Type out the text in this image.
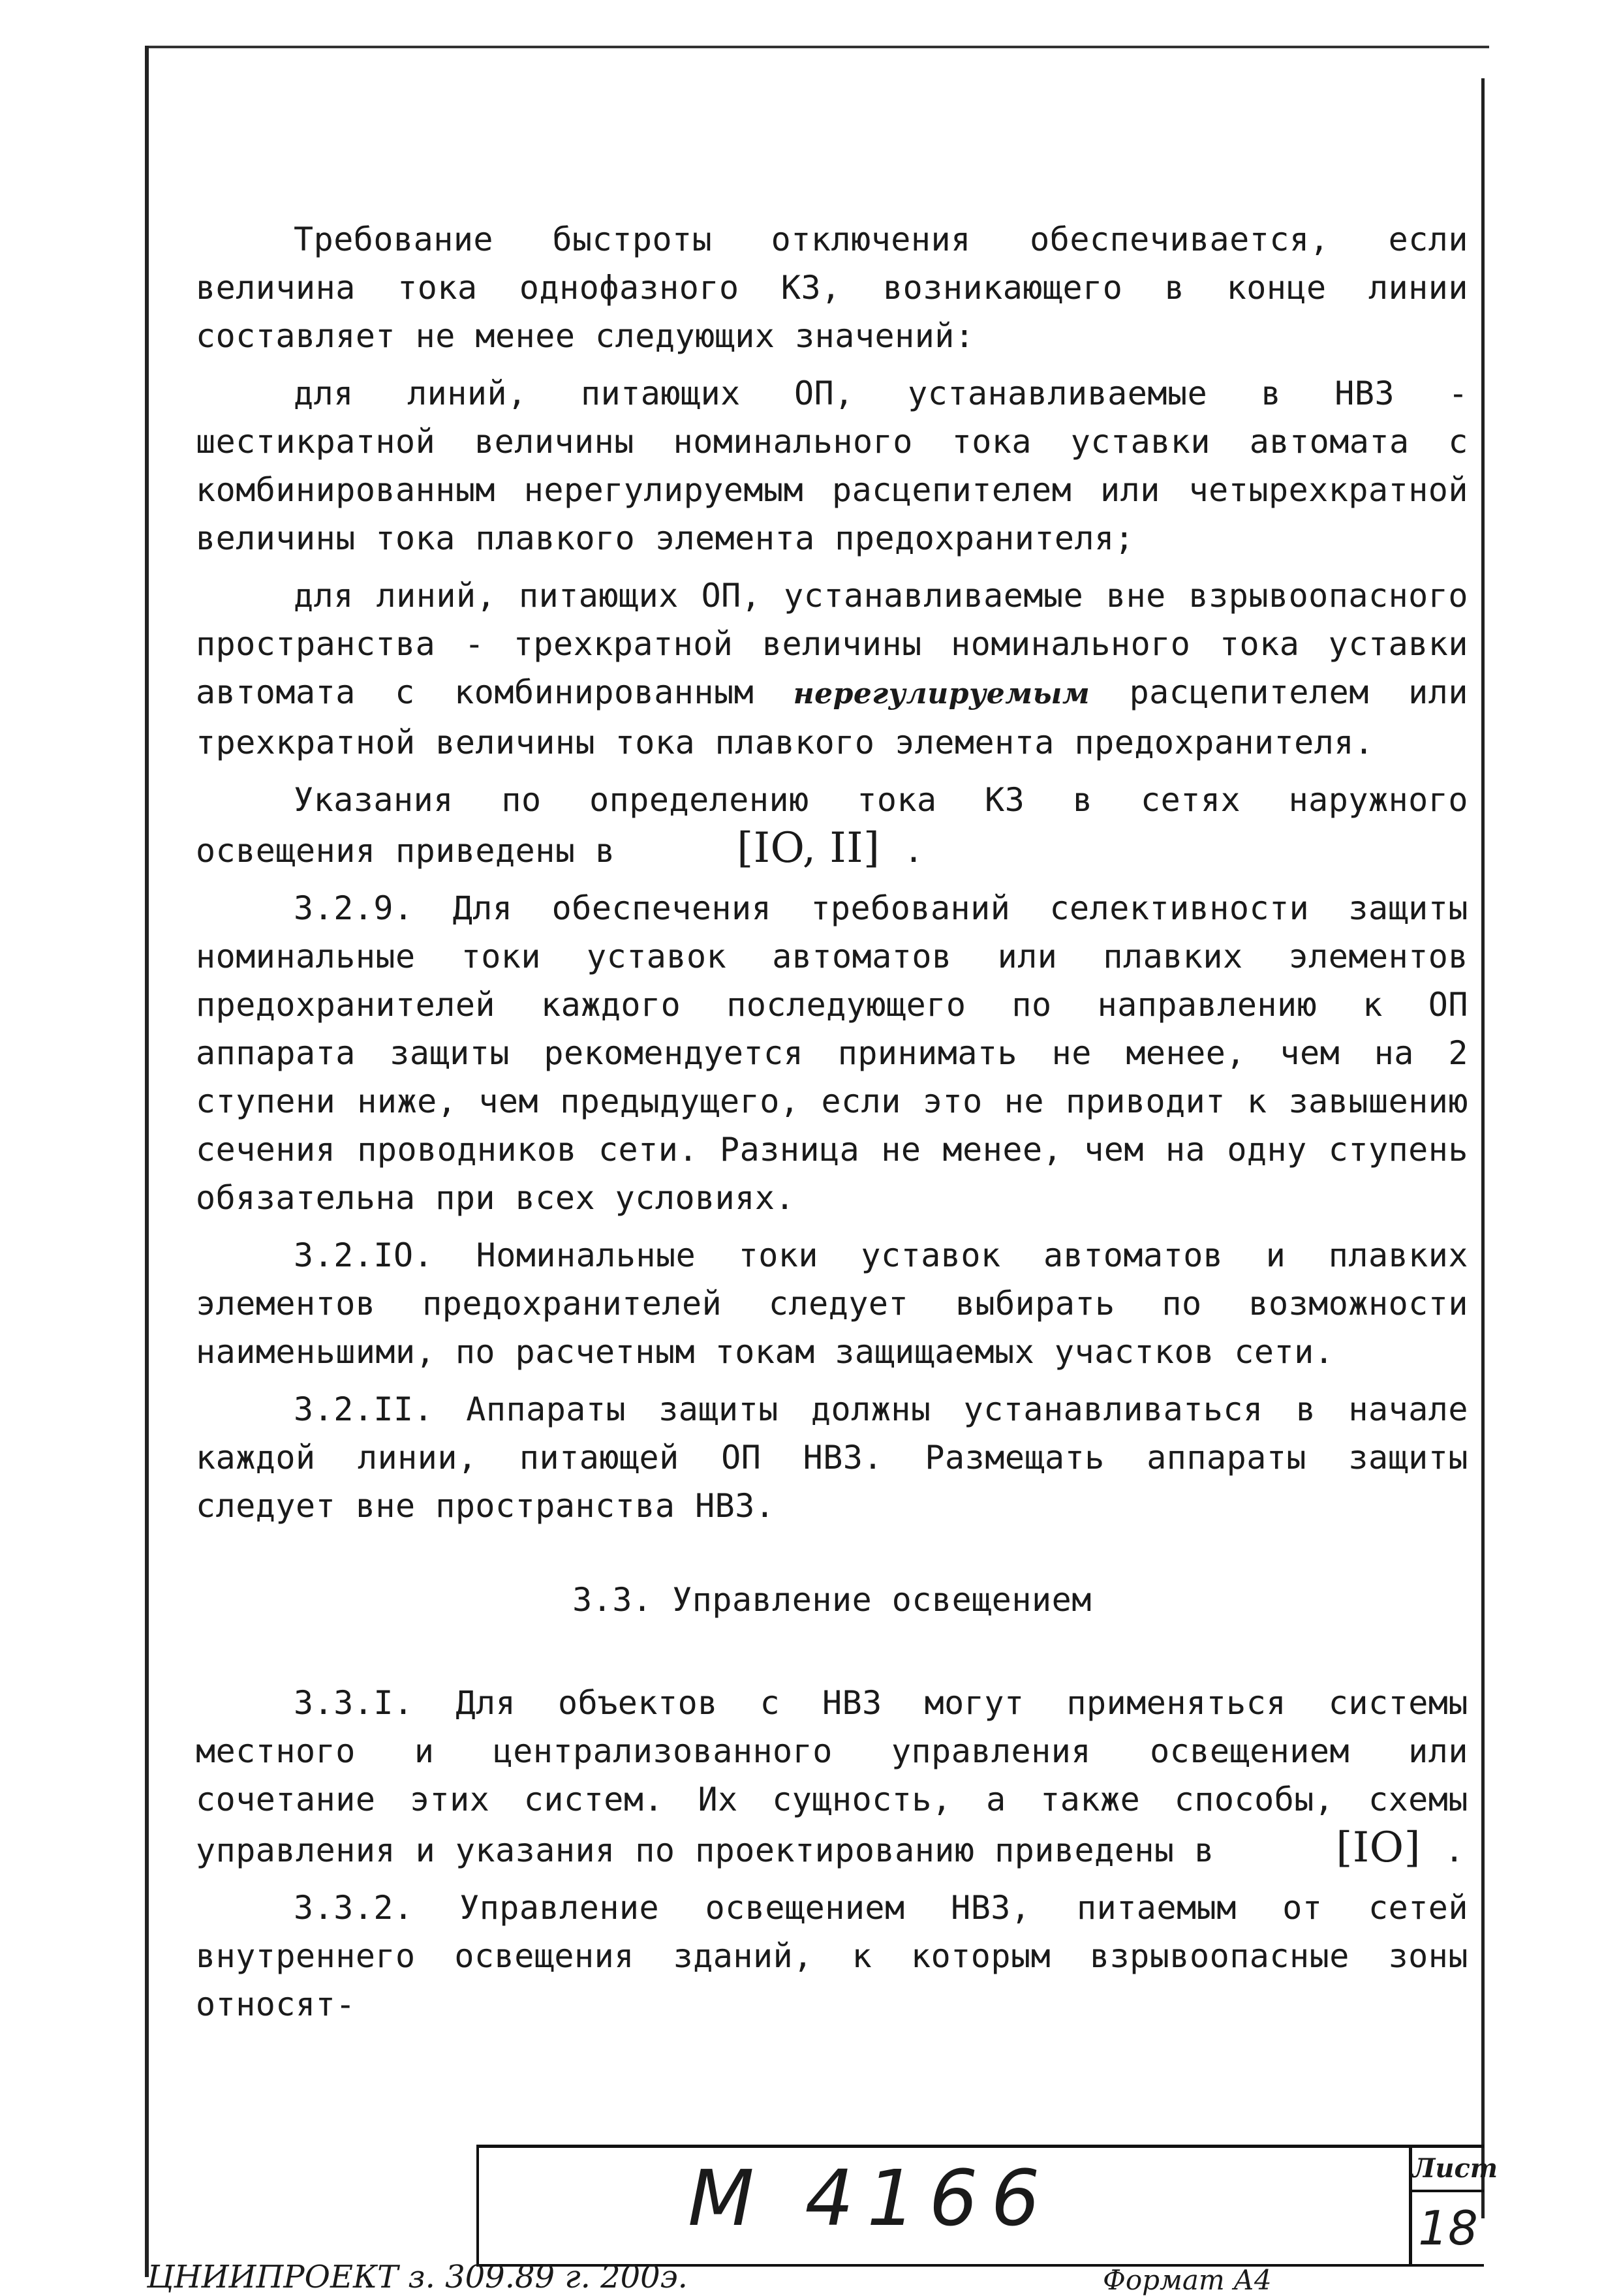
Требование быстроты отключения обеспечивается, если величина тока однофазного КЗ, возникающего в конце линии составляет не менее следующих значений:

для линий, питающих ОП, устанавливаемые в НВЗ - шестикратной величины номинального тока уставки автомата с комбинированным нерегулируемым расцепителем или четырехкратной величины тока плавкого элемента предохранителя;

для линий, питающих ОП, устанавливаемые вне взрывоопасного пространства - трехкратной величины номинального тока уставки автомата с комбинированным нерегулируемым расцепителем или трехкратной величины тока плавкого элемента предохранителя.

Указания по определению тока КЗ в сетях наружного освещения приведены в [IO, II] .

3.2.9. Для обеспечения требований селективности защиты номинальные токи уставок автоматов или плавких элементов предохранителей каждого последующего по направлению к ОП аппарата защиты рекомендуется принимать не менее, чем на 2 ступени ниже, чем предыдущего, если это не приводит к завышению сечения проводников сети. Разница не менее, чем на одну ступень обязательна при всех условиях.

3.2.IO. Номинальные токи уставок автоматов и плавких элементов предохранителей следует выбирать по возможности наименьшими, по расчетным токам защищаемых участков сети.

3.2.II. Аппараты защиты должны устанавливаться в начале каждой линии, питающей ОП НВЗ. Размещать аппараты защиты следует вне пространства НВЗ.

3.3. Управление освещением

3.3.I. Для объектов с НВЗ могут применяться системы местного и централизованного управления освещением или сочетание этих систем. Их сущность, а также способы, схемы управления и указания по проектированию приведены в [IO] .

3.3.2. Управление освещением НВЗ, питаемым от сетей внутреннего освещения зданий, к которым взрывоопасные зоны относят-

М 4166	Лист
18
ЦНИИПРОЕКТ з. 309.89 г. 200э.	Формат А4
